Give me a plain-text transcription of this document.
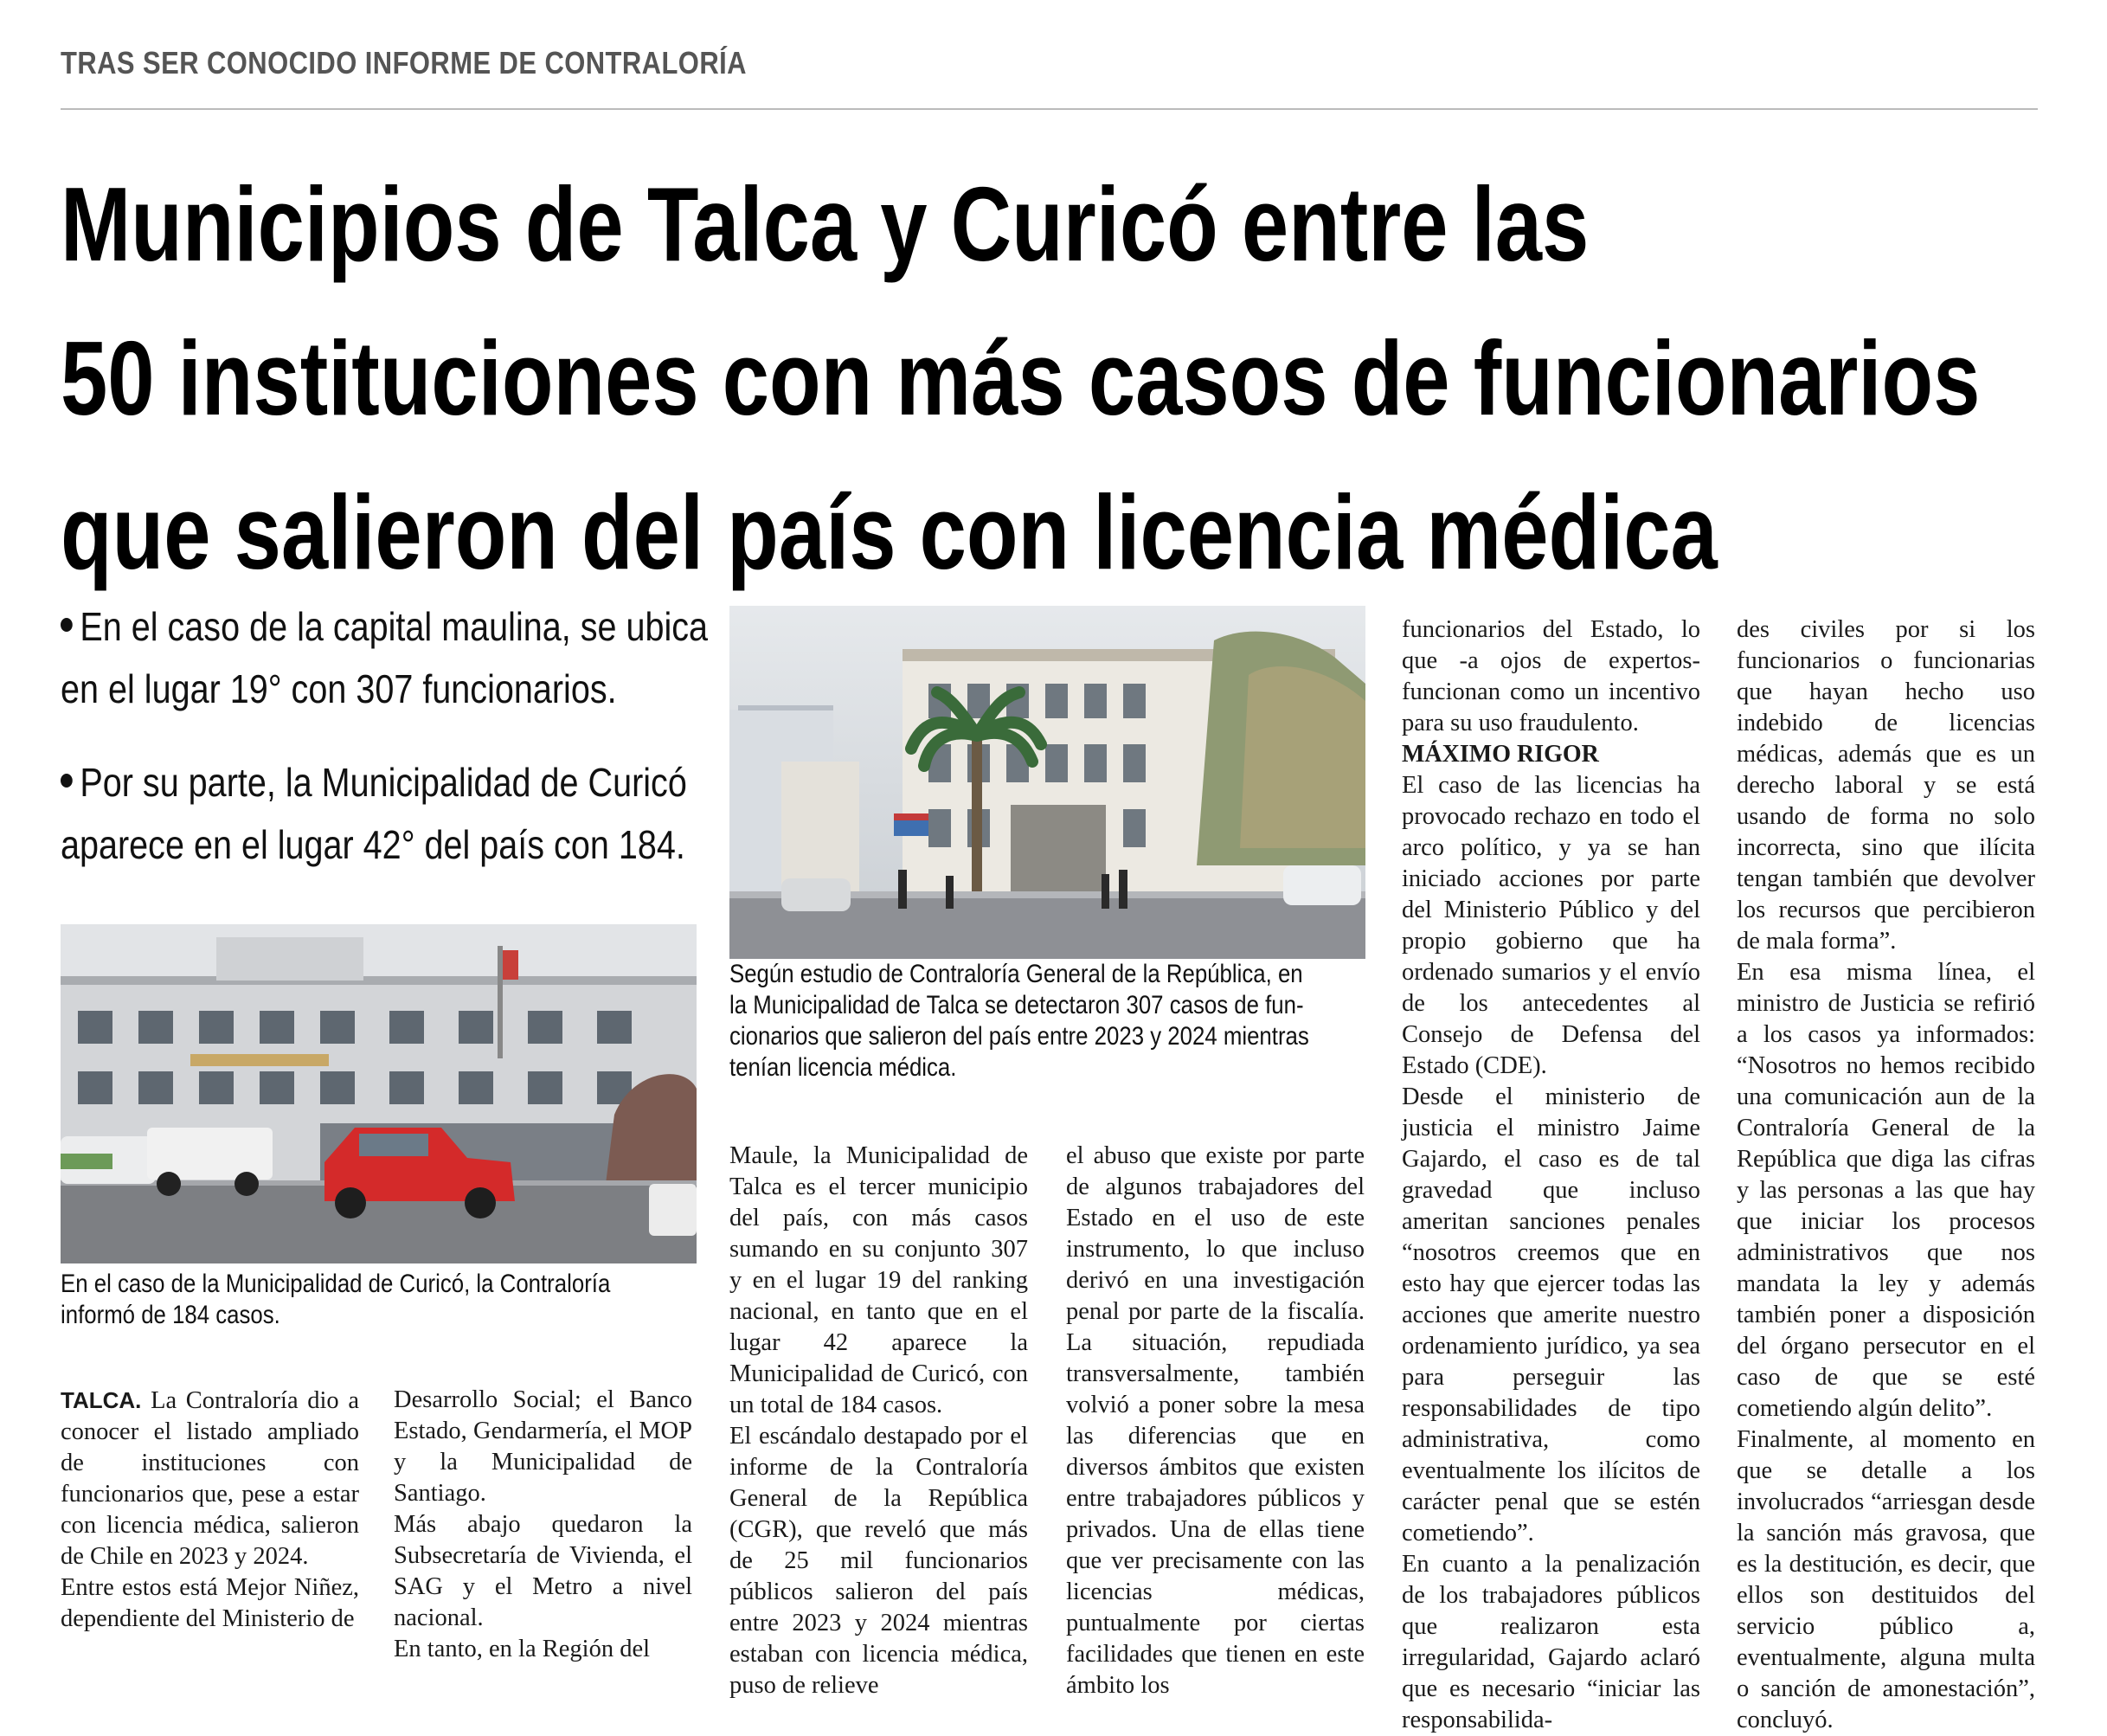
TRAS SER CONOCIDO INFORME DE CONTRALORÍA
Municipios de Talca y Curicó entre las
50 instituciones con más casos de funcionarios
que salieron del país con licencia médica
En el caso de la capital maulina, se ubica
en el lugar 19° con 307 funcionarios.
Por su parte, la Municipalidad de Curicó
aparece en el lugar 42° del país con 184.
Según estudio de Contraloría General de la República, en
la Municipalidad de Talca se detectaron 307 casos de fun-
cionarios que salieron del país entre 2023 y 2024 mientras
tenían licencia médica.
En el caso de la Municipalidad de Curicó, la Contraloría
informó de 184 casos.

TALCA. La Contraloría dio a conocer el listado ampliado de instituciones con funcionarios que, pese a estar con licencia médica, salieron de Chile en 2023 y 2024.

Entre estos está Mejor Niñez, dependiente del Ministerio de

Desarrollo Social; el Banco Estado, Gendarmería, el MOP y la Municipalidad de Santiago.

Más abajo quedaron la Subsecretaría de Vivienda, el SAG y el Metro a nivel nacional.

En tanto, en la Región del

Maule, la Municipalidad de Talca es el tercer municipio del país, con más casos sumando en su conjunto 307 y en el lugar 19 del ranking nacional, en tanto que en el lugar 42 aparece la Municipalidad de Curicó, con un total de 184 casos.

El escándalo destapado por el informe de la Contraloría General de la República (CGR), que reveló que más de 25 mil funcionarios públicos salieron del país entre 2023 y 2024 mientras estaban con licencia médica, puso de relieve

el abuso que existe por parte de algunos trabajadores del Estado en el uso de este instrumento, lo que incluso derivó en una investigación penal por parte de la fiscalía. La situación, repudiada transversalmente, también volvió a poner sobre la mesa las diferencias que en diversos ámbitos que existen entre trabajadores públicos y privados. Una de ellas tiene que ver precisamente con las licencias médicas, puntualmente por ciertas facilidades que tienen en este ámbito los

funcionarios del Estado, lo que -a ojos de expertos- funcionan como un incentivo para su uso fraudulento.

MÁXIMO RIGOR

El caso de las licencias ha provocado rechazo en todo el arco político, y ya se han iniciado acciones por parte del Ministerio Público y del propio gobierno que ha ordenado sumarios y el envío de los antecedentes al Consejo de Defensa del Estado (CDE).

Desde el ministerio de justicia el ministro Jaime Gajardo, el caso es de tal gravedad que incluso ameritan sanciones penales “nosotros creemos que en esto hay que ejercer todas las acciones que amerite nuestro ordenamiento jurídico, ya sea para perseguir las responsabilidades de tipo administrativa, como eventualmente los ilícitos de carácter penal que se estén cometiendo”.

En cuanto a la penalización de los trabajadores públicos que realizaron esta irregularidad, Gajardo aclaró que es necesario “iniciar las responsabilida-

des civiles por si los funcionarios o funcionarias que hayan hecho uso indebido de licencias médicas, además que es un derecho laboral y se está usando de forma no solo incorrecta, sino que ilícita tengan también que devolver los recursos que percibieron de mala forma”.

En esa misma línea, el ministro de Justicia se refirió a los casos ya informados: “Nosotros no hemos recibido una comunicación aun de la Contraloría General de la República que diga las cifras y las personas a las que hay que iniciar los procesos administrativos que nos mandata la ley y además también poner a disposición del órgano persecutor en el caso de que se esté cometiendo algún delito”.

Finalmente, al momento en que se detalle a los involucrados “arriesgan desde la sanción más gravosa, que es la destitución, es decir, que ellos son destituidos del servicio público a, eventualmente, alguna multa o sanción de amonestación”, concluyó.
